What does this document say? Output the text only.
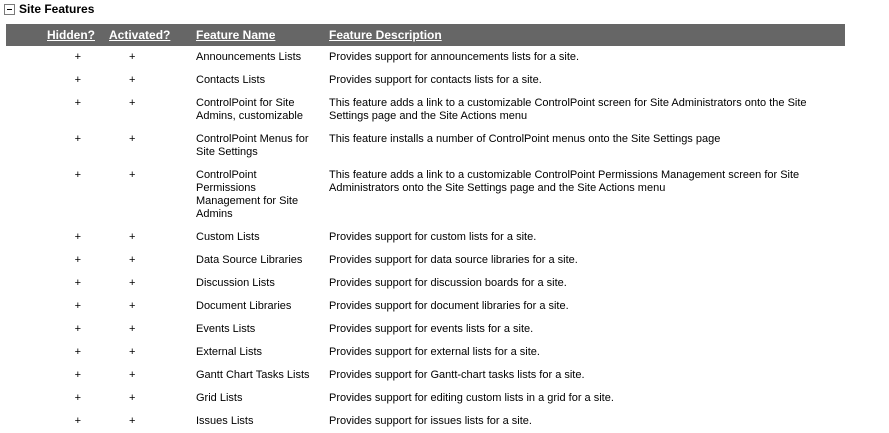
Site Features
Hidden?	Activated?	Feature Name	Feature Description
+	+	Announcements Lists	Provides support for announcements lists for a site.
+	+	Contacts Lists	Provides support for contacts lists for a site.
+	+	ControlPoint for Site Admins, customizable	This feature adds a link to a customizable ControlPoint screen for Site Administrators onto the Site Settings page and the Site Actions menu
+	+	ControlPoint Menus for Site Settings	This feature installs a number of ControlPoint menus onto the Site Settings page
+	+	ControlPoint Permissions Management for Site Admins	This feature adds a link to a customizable ControlPoint Permissions Management screen for Site Administrators onto the Site Settings page and the Site Actions menu
+	+	Custom Lists	Provides support for custom lists for a site.
+	+	Data Source Libraries	Provides support for data source libraries for a site.
+	+	Discussion Lists	Provides support for discussion boards for a site.
+	+	Document Libraries	Provides support for document libraries for a site.
+	+	Events Lists	Provides support for events lists for a site.
+	+	External Lists	Provides support for external lists for a site.
+	+	Gantt Chart Tasks Lists	Provides support for Gantt-chart tasks lists for a site.
+	+	Grid Lists	Provides support for editing custom lists in a grid for a site.
+	+	Issues Lists	Provides support for issues lists for a site.
